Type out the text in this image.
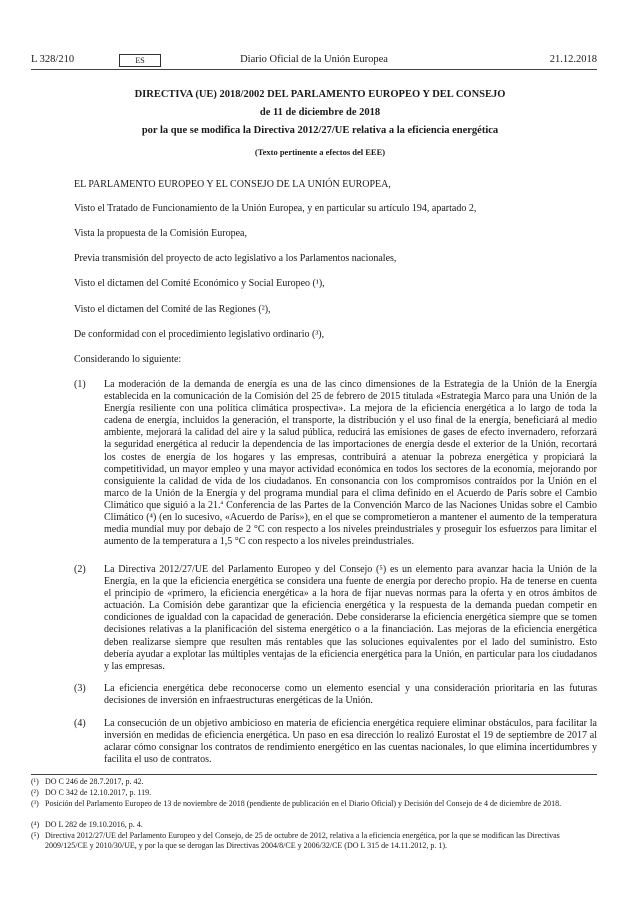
L 328/210	ES	Diario Oficial de la Unión Europea	21.12.2018
DIRECTIVA (UE) 2018/2002 DEL PARLAMENTO EUROPEO Y DEL CONSEJO
de 11 de diciembre de 2018
por la que se modifica la Directiva 2012/27/UE relativa a la eficiencia energética
(Texto pertinente a efectos del EEE)
EL PARLAMENTO EUROPEO Y EL CONSEJO DE LA UNIÓN EUROPEA,
Visto el Tratado de Funcionamiento de la Unión Europea, y en particular su artículo 194, apartado 2,
Vista la propuesta de la Comisión Europea,
Previa transmisión del proyecto de acto legislativo a los Parlamentos nacionales,
Visto el dictamen del Comité Económico y Social Europeo (¹),
Visto el dictamen del Comité de las Regiones (²),
De conformidad con el procedimiento legislativo ordinario (³),
Considerando lo siguiente:
(1) La moderación de la demanda de energía es una de las cinco dimensiones de la Estrategia de la Unión de la Energía establecida en la comunicación de la Comisión del 25 de febrero de 2015 titulada «Estrategia Marco para una Unión de la Energía resiliente con una política climática prospectiva». La mejora de la eficiencia energética a lo largo de toda la cadena de energía, incluidos la generación, el transporte, la distribución y el uso final de la energía, beneficiará al medio ambiente, mejorará la calidad del aire y la salud pública, reducirá las emisiones de gases de efecto invernadero, reforzará la seguridad energética al reducir la dependencia de las importaciones de energía desde el exterior de la Unión, recortará los costes de energía de los hogares y las empresas, contribuirá a atenuar la pobreza energética y propiciará la competitividad, un mayor empleo y una mayor actividad económica en todos los sectores de la economía, mejorando por consiguiente la calidad de vida de los ciudadanos. En consonancia con los compromisos contraídos por la Unión en el marco de la Unión de la Energía y del programa mundial para el clima definido en el Acuerdo de París sobre el Cambio Climático que siguió a la 21.ª Conferencia de las Partes de la Convención Marco de las Naciones Unidas sobre el Cambio Climático (⁴) (en lo sucesivo, «Acuerdo de París»), en el que se comprometieron a mantener el aumento de la temperatura media mundial muy por debajo de 2 °C con respecto a los niveles preindustriales y proseguir los esfuerzos para limitar el aumento de la temperatura a 1,5 °C con respecto a los niveles preindustriales.
(2) La Directiva 2012/27/UE del Parlamento Europeo y del Consejo (⁵) es un elemento para avanzar hacia la Unión de la Energía, en la que la eficiencia energética se considera una fuente de energía por derecho propio. Ha de tenerse en cuenta el principio de «primero, la eficiencia energética» a la hora de fijar nuevas normas para la oferta y en otros ámbitos de actuación. La Comisión debe garantizar que la eficiencia energética y la respuesta de la demanda puedan competir en condiciones de igualdad con la capacidad de generación. Debe considerarse la eficiencia energética siempre que se tomen decisiones relativas a la planificación del sistema energético o a la financiación. Las mejoras de la eficiencia energética deben realizarse siempre que resulten más rentables que las soluciones equivalentes por el lado del suministro. Esto debería ayudar a explotar las múltiples ventajas de la eficiencia energética para la Unión, en particular para los ciudadanos y las empresas.
(3) La eficiencia energética debe reconocerse como un elemento esencial y una consideración prioritaria en las futuras decisiones de inversión en infraestructuras energéticas de la Unión.
(4) La consecución de un objetivo ambicioso en materia de eficiencia energética requiere eliminar obstáculos, para facilitar la inversión en medidas de eficiencia energética. Un paso en esa dirección lo realizó Eurostat el 19 de septiembre de 2017 al aclarar cómo consignar los contratos de rendimiento energético en las cuentas nacionales, lo que elimina incertidumbres y facilita el uso de contratos.
(¹) DO C 246 de 28.7.2017, p. 42.
(²) DO C 342 de 12.10.2017, p. 119.
(³) Posición del Parlamento Europeo de 13 de noviembre de 2018 (pendiente de publicación en el Diario Oficial) y Decisión del Consejo de 4 de diciembre de 2018.
(⁴) DO L 282 de 19.10.2016, p. 4.
(⁵) Directiva 2012/27/UE del Parlamento Europeo y del Consejo, de 25 de octubre de 2012, relativa a la eficiencia energética, por la que se modifican las Directivas 2009/125/CE y 2010/30/UE, y por la que se derogan las Directivas 2004/8/CE y 2006/32/CE (DO L 315 de 14.11.2012, p. 1).
